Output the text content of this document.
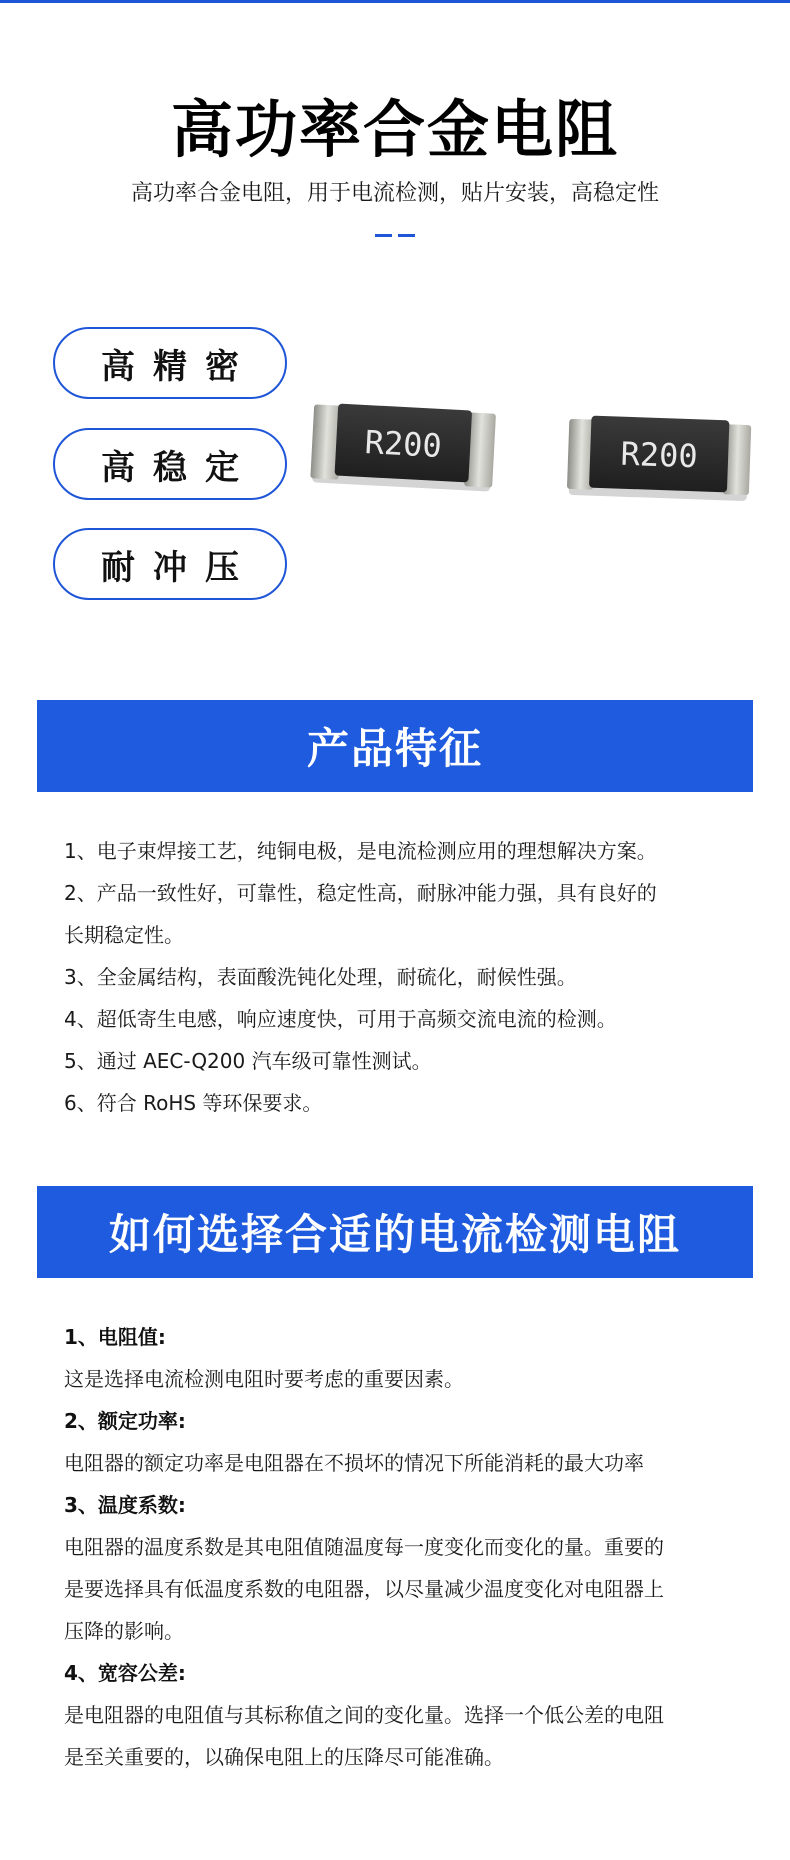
高功率合金电阻
高功率合金电阻，用于电流检测，贴片安装，高稳定性
高精密
高稳定
耐冲压
R200	R200
产品特征

1、电子束焊接工艺，纯铜电极，是电流检测应用的理想解决方案。

2、产品一致性好，可靠性，稳定性高，耐脉冲能力强，具有良好的

长期稳定性。

3、全金属结构，表面酸洗钝化处理，耐硫化，耐候性强。

4、超低寄生电感，响应速度快，可用于高频交流电流的检测。

5、通过 AEC-Q200 汽车级可靠性测试。

6、符合 RoHS 等环保要求。

如何选择合适的电流检测电阻
1、电阻值:
这是选择电流检测电阻时要考虑的重要因素。
2、额定功率:
电阻器的额定功率是电阻器在不损坏的情况下所能消耗的最大功率
3、温度系数:
电阻器的温度系数是其电阻值随温度每一度变化而变化的量。重要的
是要选择具有低温度系数的电阻器，以尽量减少温度变化对电阻器上
压降的影响。
4、宽容公差:
是电阻器的电阻值与其标称值之间的变化量。选择一个低公差的电阻
是至关重要的，以确保电阻上的压降尽可能准确。
